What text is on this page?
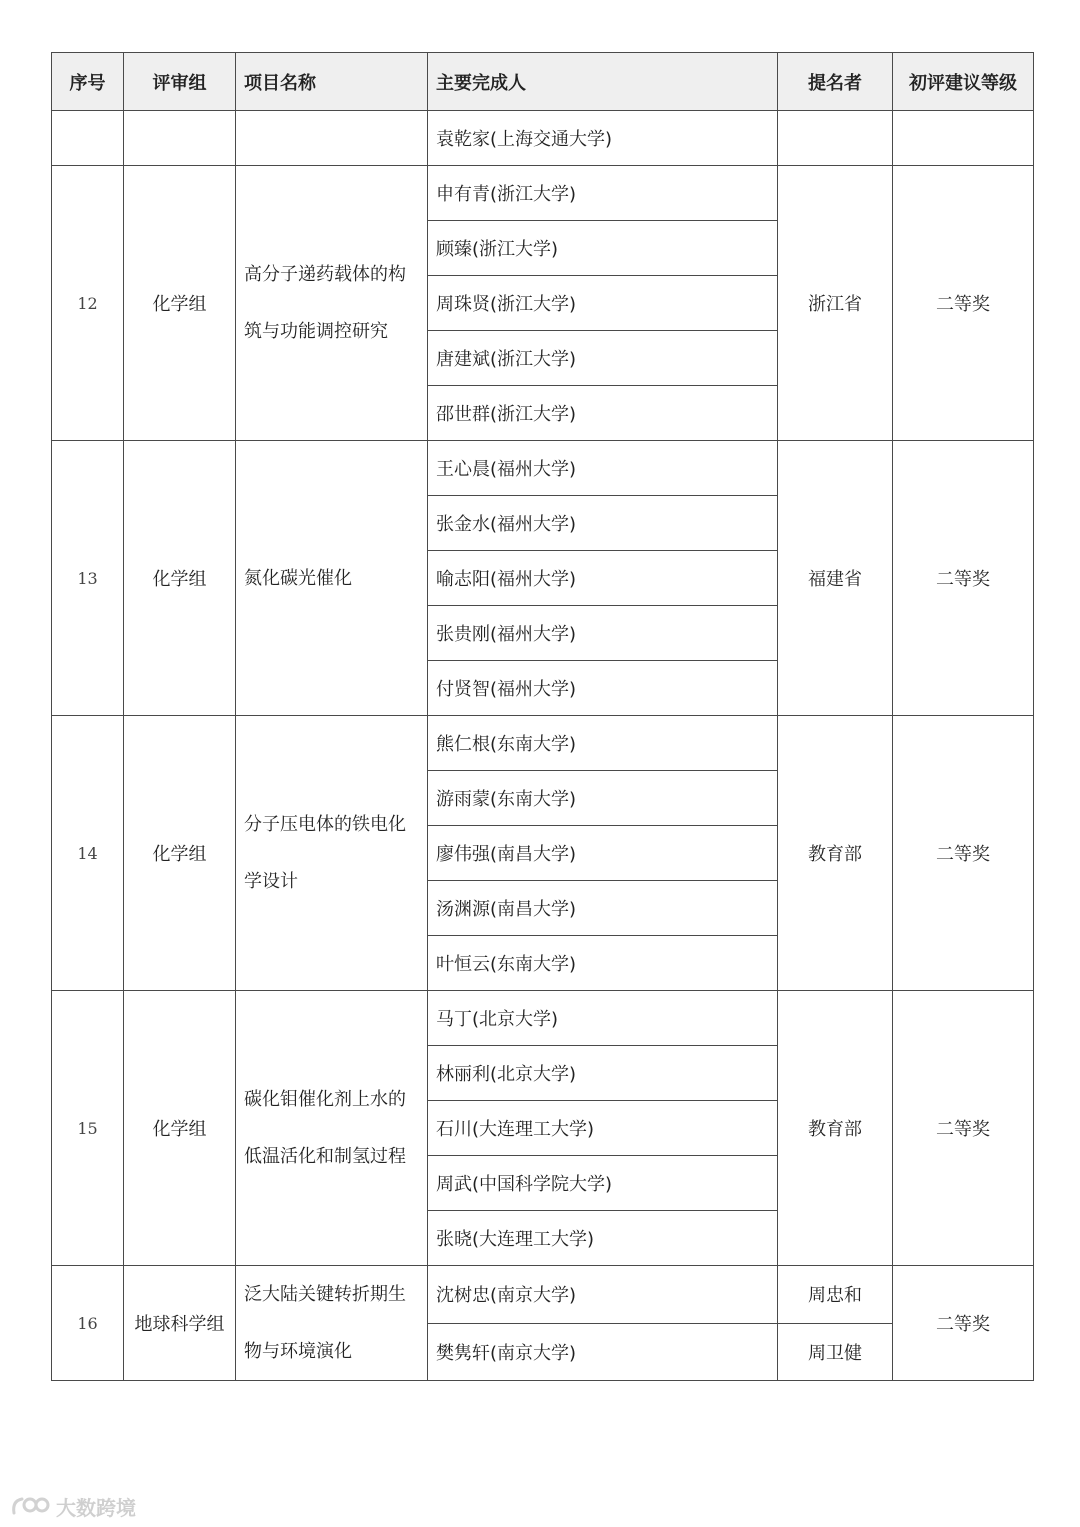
序号	评审组	项目名称	主要完成人	提名者	初评建议等级
			袁乾家(上海交通大学)		
12	化学组	高分子递药载体的构筑与功能调控研究	申有青(浙江大学)	浙江省	二等奖
			顾臻(浙江大学)		
			周珠贤(浙江大学)		
			唐建斌(浙江大学)		
			邵世群(浙江大学)		
13	化学组	氮化碳光催化	王心晨(福州大学)	福建省	二等奖
			张金水(福州大学)		
			喻志阳(福州大学)		
			张贵刚(福州大学)		
			付贤智(福州大学)		
14	化学组	分子压电体的铁电化学设计	熊仁根(东南大学)	教育部	二等奖
			游雨蒙(东南大学)		
			廖伟强(南昌大学)		
			汤渊源(南昌大学)		
			叶恒云(东南大学)		
15	化学组	碳化钼催化剂上水的低温活化和制氢过程	马丁(北京大学)	教育部	二等奖
			林丽利(北京大学)		
			石川(大连理工大学)		
			周武(中国科学院大学)		
			张晓(大连理工大学)		
16	地球科学组	泛大陆关键转折期生物与环境演化	沈树忠(南京大学)	周忠和	二等奖
			樊隽轩(南京大学)	周卫健	
大数跨境
